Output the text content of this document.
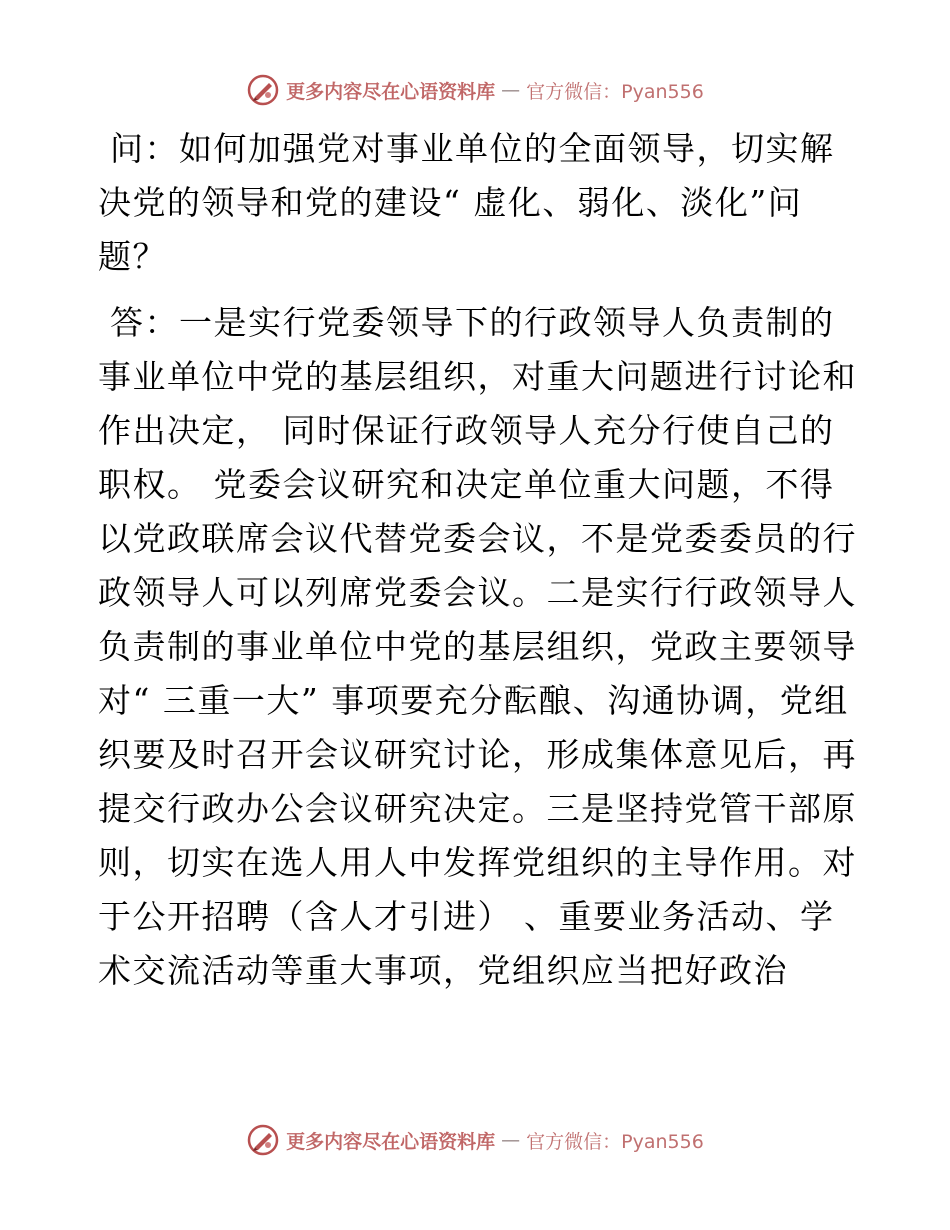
更多内容尽在心语资料库 — 官方微信：Pyan556

问：如何加强党对事业单位的全面领导，切实解决党的领导和党的建设“ 虚化、弱化、淡化”问题？

答：一是实行党委领导下的行政领导人负责制的事业单位中党的基层组织，对重大问题进行讨论和作出决定， 同时保证行政领导人充分行使自己的职权。 党委会议研究和决定单位重大问题，不得以党政联席会议代替党委会议，不是党委委员的行政领导人可以列席党委会议。二是实行行政领导人负责制的事业单位中党的基层组织，党政主要领导对“ 三重一大” 事项要充分酝酿、沟通协调，党组织要及时召开会议研究讨论，形成集体意见后，再提交行政办公会议研究决定。三是坚持党管干部原则，切实在选人用人中发挥党组织的主导作用。对于公开招聘（含人才引进） 、重要业务活动、学术交流活动等重大事项，党组织应当把好政治

更多内容尽在心语资料库 — 官方微信：Pyan556
